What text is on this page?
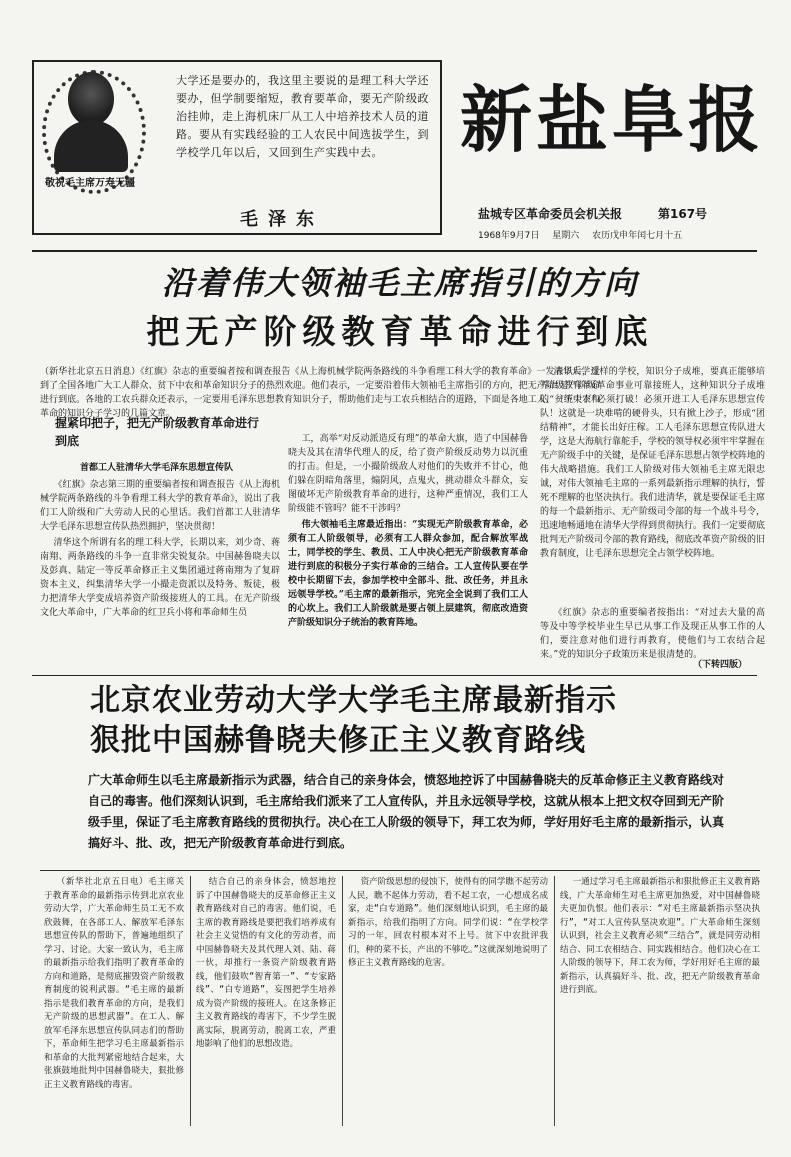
敬祝毛主席万寿无疆
大学还是要办的，我这里主要说的是理工科大学还要办，但学制要缩短，教育要革命，要无产阶级政治挂帅，走上海机床厂从工人中培养技术人员的道路。要从有实践经验的工人农民中间选拔学生，到学校学几年以后，又回到生产实践中去。
毛泽东
新盐阜报
盐城专区革命委员会机关报	第167号
1968年9月7日 星期六 农历戊申年闰七月十五
沿着伟大领袖毛主席指引的方向
把无产阶级教育革命进行到底
（新华社北京五日消息）《红旗》杂志的重要编者按和调查报告《从上海机械学院两条路线的斗争看理工科大学的教育革命》一发表以后，受到了全国各地广大工人群众、贫下中农和革命知识分子的热烈欢迎。他们表示，一定要沿着伟大领袖毛主席指引的方向，把无产阶级教育革命进行到底。各地的工农兵群众还表示，一定要用毛泽东思想教育知识分子，帮助他们走与工农兵相结合的道路，下面是各地工人、贫下中农和革命的知识分子学习的几篇文章。
握紧印把子，把无产阶级教育革命进行到底
首都工人驻清华大学毛泽东思想宣传队

《红旗》杂志第三期的重要编者按和调查报告《从上海机械学院两条路线的斗争看理工科大学的教育革命》，说出了我们工人阶级和广大劳动人民的心里话。我们首都工人驻清华大学毛泽东思想宣传队热烈拥护，坚决贯彻！

清华这个所谓有名的理工科大学，长期以来，刘少奇、蒋南翔、两条路线的斗争一直非常尖锐复杂。中国赫鲁晓夫以及彭真、陆定一等反革命修正主义集团通过蒋南翔为了复辟资本主义，纠集清华大学一小撮走资派以及特务、叛徒，极力把清华大学变成培养资产阶级接班人的工具。在无产阶级文化大革命中，广大革命的红卫兵小将和革命师生员

工，高举“对反动派造反有理”的革命大旗，造了中国赫鲁晓夫及其在清华代理人的反，给了资产阶级反动势力以沉重的打击。但是，一小撮阶级敌人对他们的失败并不甘心，他们躲在阴暗角落里，煽阴风，点鬼火，挑动群众斗群众，妄图破坏无产阶级教育革命的进行，这种严重情况，我们工人阶级能不管吗？能不干涉吗？

伟大领袖毛主席最近指出：“实现无产阶级教育革命，必须有工人阶级领导，必须有工人群众参加，配合解放军战士，同学校的学生、教员、工人中决心把无产阶级教育革命进行到底的积极分子实行革命的三结合。工人宣传队要在学校中长期留下去，参加学校中全部斗、批、改任务，并且永远领导学校。”毛主席的最新指示，完完全全说到了我们工人的心坎上。我们工人阶级就是要占领上层建筑，彻底改造资产阶级知识分子统治的教育阵地。

清华大学这样的学校，知识分子成堆，要真正能够培养出无产阶级革命事业可靠接班人，这种知识分子成堆的“一统天下”必须打破！必须开进工人毛泽东思想宣传队！这就是一块难啃的硬骨头，只有掀上沙子，形成“团结精神”，才能长出好庄稼。工人毛泽东思想宣传队进大学，这是大海航行靠舵手，学校的领导权必须牢牢掌握在无产阶级手中的关键，是保证毛泽东思想占领学校阵地的伟大战略措施。我们工人阶级对伟大领袖毛主席无限忠诚，对伟大领袖毛主席的一系列最新指示理解的执行，誓死不理解的也坚决执行。我们进清华，就是要保证毛主席的每一个最新指示、无产阶级司令部的每一个战斗号令，迅速地畅通地在清华大学得到贯彻执行。我们一定要彻底批判无产阶级司令部的教育路线，彻底改革资产阶级的旧教育制度，让毛泽东思想完全占领学校阵地。

《红旗》杂志的重要编者按指出：“对过去大量的高等及中等学校毕业生早已从事工作及现正从事工作的人们，要注意对他们进行再教育，使他们与工农结合起来。”党的知识分子政策历来是很清楚的。

（下转四版）
北京农业劳动大学大学毛主席最新指示
狠批中国赫鲁晓夫修正主义教育路线
广大革命师生以毛主席最新指示为武器，结合自己的亲身体会，愤怒地控诉了中国赫鲁晓夫的反革命修正主义教育路线对自己的毒害。他们深刻认识到，毛主席给我们派来了工人宣传队，并且永远领导学校，这就从根本上把文权夺回到无产阶级手里，保证了毛主席教育路线的贯彻执行。决心在工人阶级的领导下，拜工农为师，学好用好毛主席的最新指示，认真搞好斗、批、改，把无产阶级教育革命进行到底。

（新华社北京五日电）毛主席关于教育革命的最新指示传到北京农业劳动大学，广大革命师生员工无不欢欣鼓舞，在各部工人、解放军毛泽东思想宣传队的帮助下，普遍地组织了学习、讨论。大家一致认为，毛主席的最新指示给我们指明了教育革命的方向和道路，是彻底摧毁资产阶级教育制度的锐利武器。“毛主席的最新指示是我们教育革命的方向，是我们无产阶级的思想武器”。在工人、解放军毛泽东思想宣传队同志们的帮助下，革命师生把学习毛主席最新指示和革命的大批判紧密地结合起来，大张旗鼓地批判中国赫鲁晓夫，狠批修正主义教育路线的毒害。

结合自己的亲身体会，愤怒地控诉了中国赫鲁晓夫的反革命修正主义教育路线对自己的毒害。他们说，毛主席的教育路线是要把我们培养成有社会主义觉悟的有文化的劳动者，而中国赫鲁晓夫及其代理人刘、陆、蒋一伙，却推行一条资产阶级教育路线，他们鼓吹“智育第一”、“专家路线”、“白专道路”，妄图把学生培养成为资产阶级的接班人。在这条修正主义教育路线的毒害下，不少学生脱离实际，脱离劳动，脱离工农，严重地影响了他们的思想改造。

资产阶级思想的侵蚀下，使得有的同学瞧不起劳动人民，瞧不起体力劳动，看不起工农，一心想成名成家，走“白专道路”。他们深刻地认识到，毛主席的最新指示，给我们指明了方向。同学们说：“在学校学习的一年，回农村根本对不上号。贫下中农批评我们，种的菜不长，产出的不够吃。”这就深刻地说明了修正主义教育路线的危害。

一通过学习毛主席最新指示和狠批修正主义教育路线，广大革命师生对毛主席更加热爱，对中国赫鲁晓夫更加仇恨。他们表示：“对毛主席最新指示坚决执行”，“对工人宣传队坚决欢迎”。广大革命师生深刻认识到，社会主义教育必须“三结合”，就是同劳动相结合、同工农相结合、同实践相结合。他们决心在工人阶级的领导下，拜工农为师，学好用好毛主席的最新指示，认真搞好斗、批、改，把无产阶级教育革命进行到底。
